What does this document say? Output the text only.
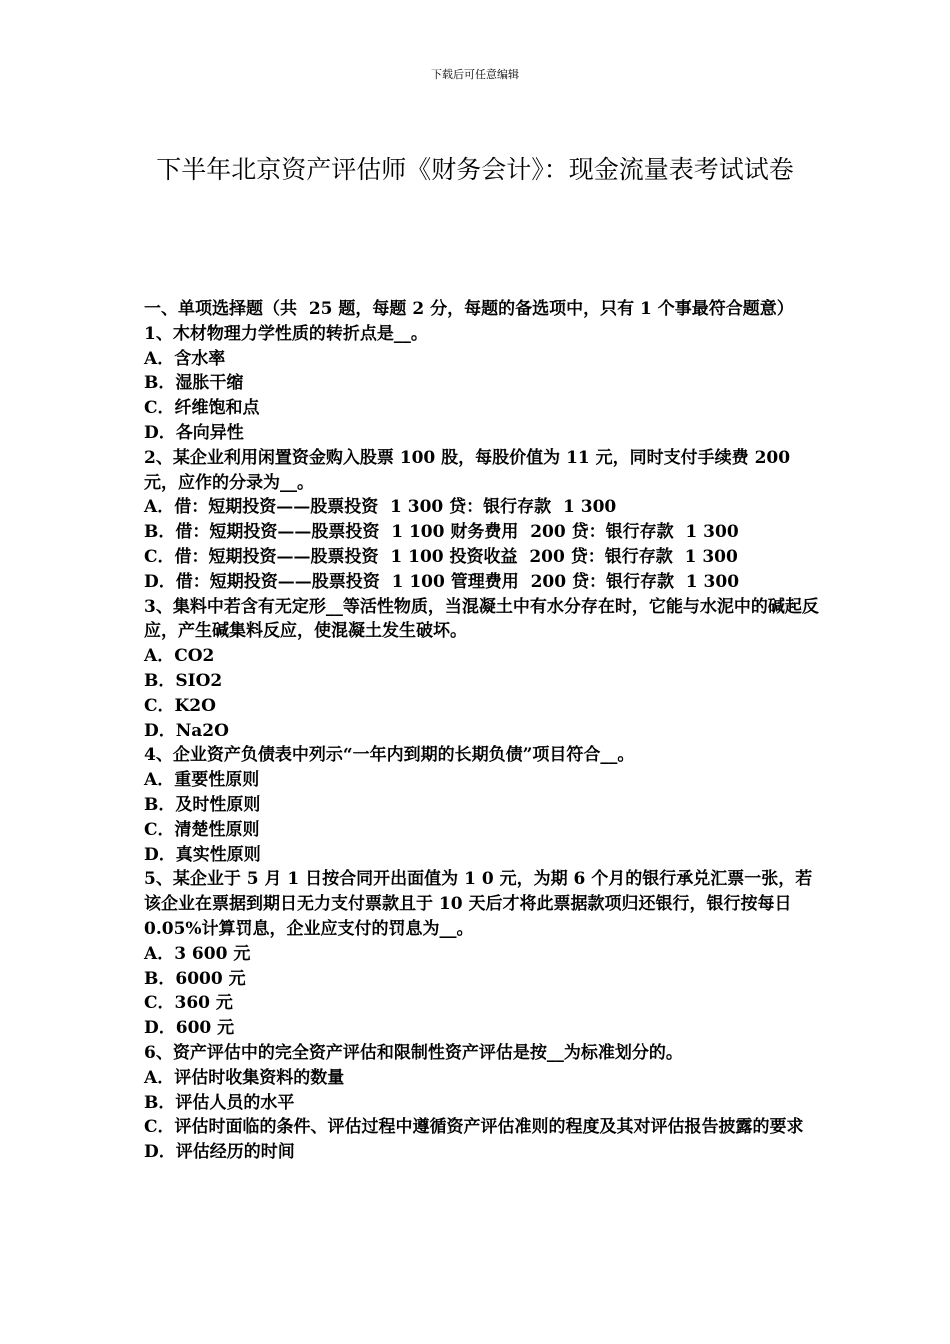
下载后可任意编辑
下半年北京资产评估师《财务会计》：现金流量表考试试卷
一、单项选择题（共  25 题，每题 2 分，每题的备选项中，只有 1 个事最符合题意）
1、木材物理力学性质的转折点是__。
A．含水率
B．湿胀干缩
C．纤维饱和点
D．各向异性
2、某企业利用闲置资金购入股票 100 股，每股价值为 11 元，同时支付手续费 200 元，应作的分录为__。
A．借：短期投资——股票投资  1 300 贷：银行存款  1 300
B．借：短期投资——股票投资  1 100 财务费用  200 贷：银行存款  1 300
C．借：短期投资——股票投资  1 100 投资收益  200 贷：银行存款  1 300
D．借：短期投资——股票投资  1 100 管理费用  200 贷：银行存款  1 300
3、集料中若含有无定形__等活性物质，当混凝土中有水分存在时，它能与水泥中的碱起反应，产生碱集料反应，使混凝土发生破坏。
A．CO2
B．SIO2
C．K2O
D．Na2O
4、企业资产负债表中列示“一年内到期的长期负债”项目符合__。
A．重要性原则
B．及时性原则
C．清楚性原则
D．真实性原则
5、某企业于 5 月 1 日按合同开出面值为 1 0 元，为期 6 个月的银行承兑汇票一张，若该企业在票据到期日无力支付票款且于 10 天后才将此票据款项归还银行，银行按每日  0.05%计算罚息，企业应支付的罚息为__。
A．3 600 元
B．6000 元
C．360 元
D．600 元
6、资产评估中的完全资产评估和限制性资产评估是按__为标准划分的。
A．评估时收集资料的数量
B．评估人员的水平
C．评估时面临的条件、评估过程中遵循资产评估准则的程度及其对评估报告披露的要求
D．评估经历的时间
